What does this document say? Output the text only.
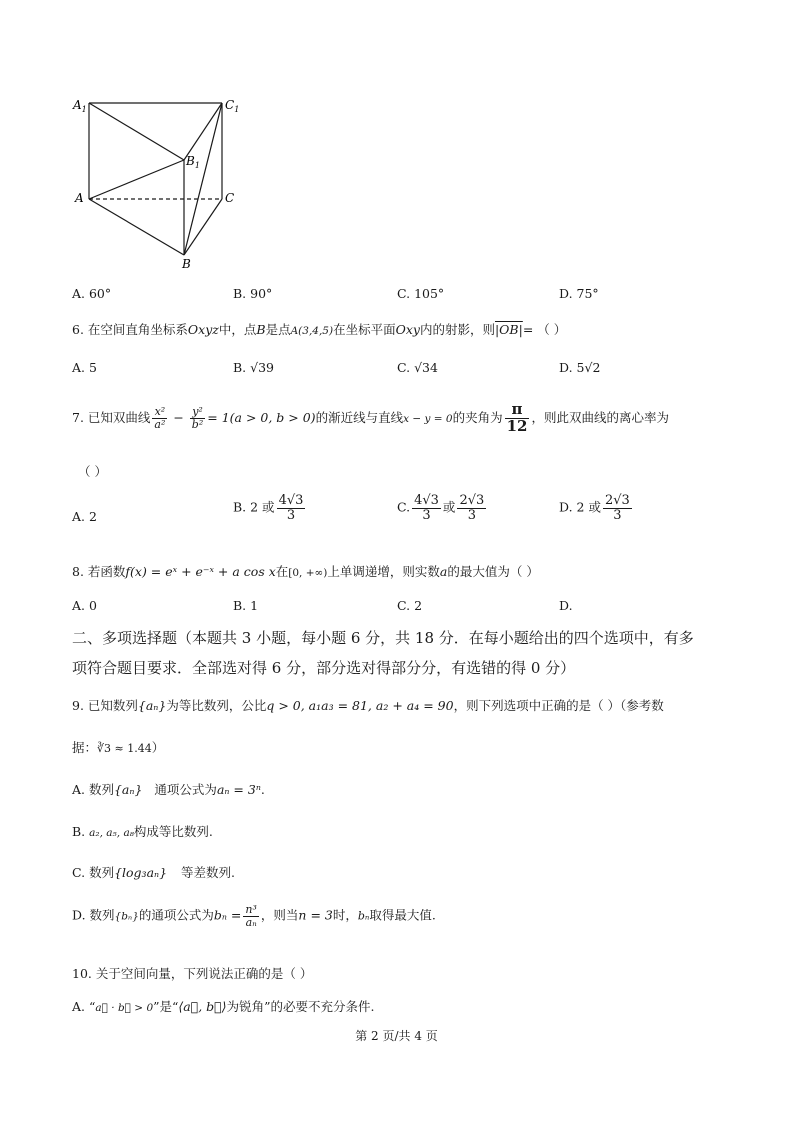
$A_1$	$C_1$
$B_1$
A	C
B
A. 60°	B. 90°	C. 105°	D. 75°
6. 在空间直角坐标系Oxyz中，点B是点A(3,4,5)在坐标平面Oxy内的射影，则|OB|= （ ）
A. 5	B. √39	C. √34	D. 5√2
7. 已知双曲线 $\frac{\text{x²}}{\text{a²}} - \frac{\text{y²}}{\text{b²}} = 1(a > 0$, b > 0)的渐近线与直线x − y = 0的夹角为 $\frac{\pi}{12}$ ，则此双曲线的离心率为
（ ）
A. 2
B. 2 或 $\frac{4√3}{3}$	C. $\frac{4√3}{3}$ 或 $\frac{2√3}{3}$	D. 2 或 $\frac{2√3}{3}$
8. 若函数f(x) = eˣ + e⁻ˣ + a cos x在[0, +∞)上单调递增，则实数a的最大值为（ ）
A. 0	B. 1	C. 2	D.
二、多项选择题（本题共 3 小题，每小题 6 分，共 18 分．在每小题给出的四个选项中，有多
项符合题目要求．全部选对得 6 分，部分选对得部分分，有选错的得 0 分）
9. 已知数列{aₙ}为等比数列，公比q > 0, a₁a₃ = 81, a₂ + a₄ = 90，则下列选项中正确的是（ ）（参考数
据：∛3 ≈ 1.44）
A. 数列{aₙ} 通项公式为aₙ = 3ⁿ.
B. a₂, a₅, a₈构成等比数列.
C. 数列{log₃aₙ} 等差数列.
D. 数列{bₙ}的通项公式为$b_n = \frac{\text{n³}}{\text{aₙ}}$ ，则当n = 3时，bₙ取得最大值.
10. 关于空间向量，下列说法正确的是（ ）
A. “a⃗ · b⃗ > 0”是“⟨a⃗, b⃗⟩为锐角”的必要不充分条件.
第 2 页/共 4 页
